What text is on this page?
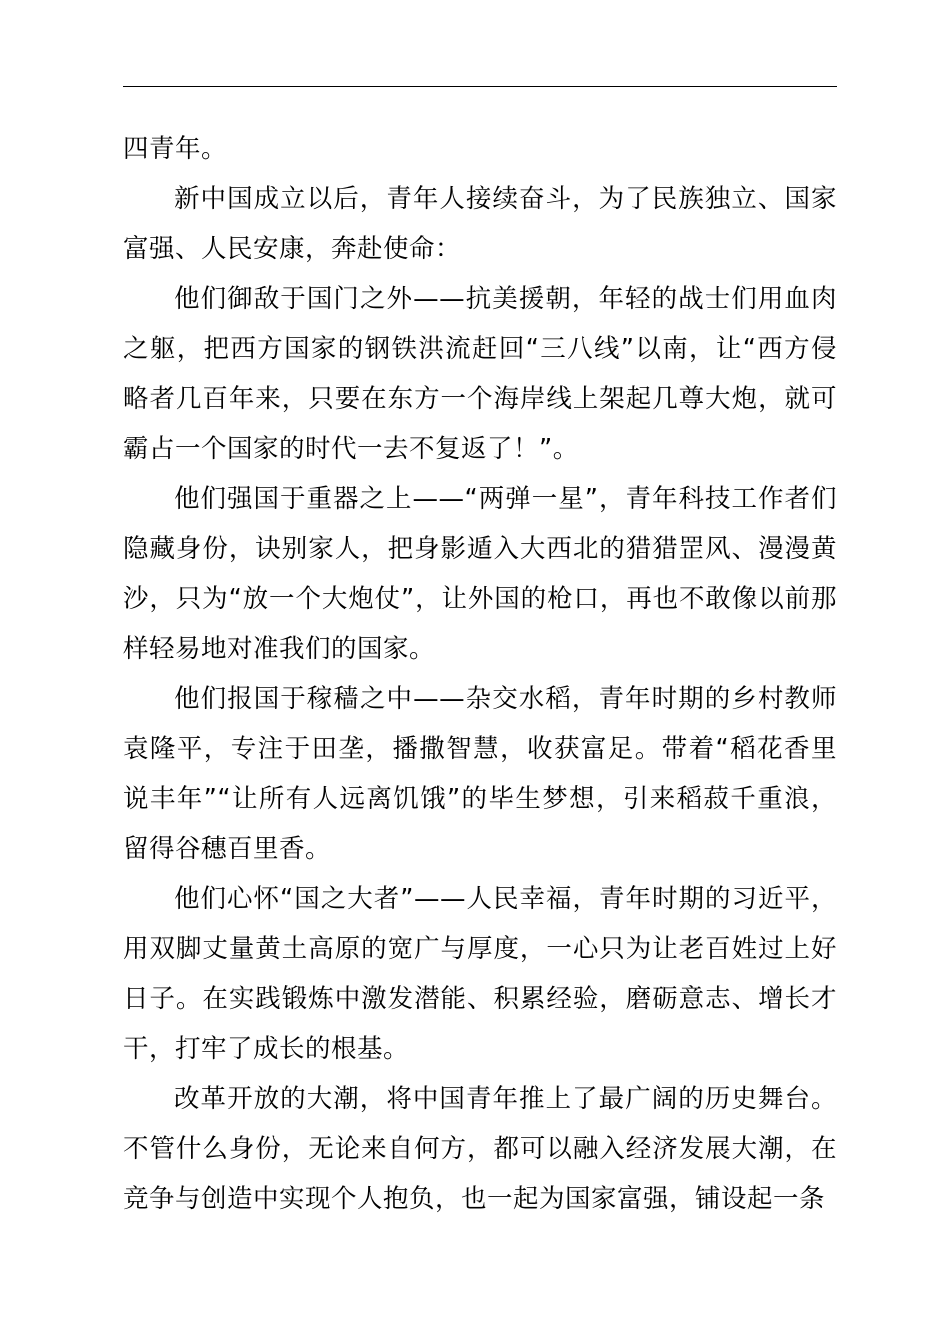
四青年。

新中国成立以后，青年人接续奋斗，为了民族独立、国家富强、人民安康，奔赴使命：

他们御敌于国门之外——抗美援朝，年轻的战士们用血肉之躯，把西方国家的钢铁洪流赶回“三八线”以南，让“西方侵略者几百年来，只要在东方一个海岸线上架起几尊大炮，就可霸占一个国家的时代一去不复返了！”。

他们强国于重器之上——“两弹一星”，青年科技工作者们隐藏身份，诀别家人，把身影遁入大西北的猎猎罡风、漫漫黄沙，只为“放一个大炮仗”，让外国的枪口，再也不敢像以前那样轻易地对准我们的国家。

他们报国于稼穑之中——杂交水稻，青年时期的乡村教师袁隆平，专注于田垄，播撒智慧，收获富足。带着“稻花香里说丰年”“让所有人远离饥饿”的毕生梦想，引来稻菽千重浪，留得谷穗百里香。

他们心怀“国之大者”——人民幸福，青年时期的习近平，用双脚丈量黄土高原的宽广与厚度，一心只为让老百姓过上好日子。在实践锻炼中激发潜能、积累经验，磨砺意志、增长才干，打牢了成长的根基。

改革开放的大潮，将中国青年推上了最广阔的历史舞台。不管什么身份，无论来自何方，都可以融入经济发展大潮，在竞争与创造中实现个人抱负，也一起为国家富强，铺设起一条
